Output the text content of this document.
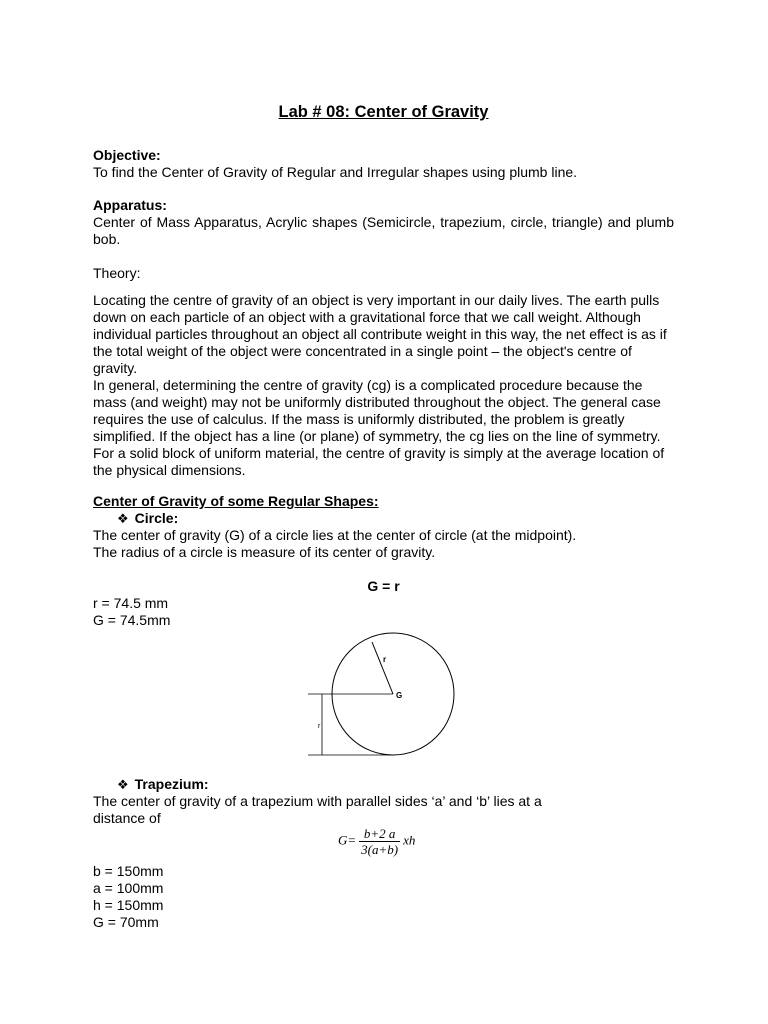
Lab # 08: Center of Gravity
Objective:
To find the Center of Gravity of Regular and Irregular shapes using plumb line.
Apparatus:
Center of Mass Apparatus, Acrylic shapes (Semicircle, trapezium, circle, triangle) and plumb bob.
Theory:
Locating the centre of gravity of an object is very important in our daily lives. The earth pulls down on each particle of an object with a gravitational force that we call weight. Although individual particles throughout an object all contribute weight in this way, the net effect is as if the total weight of the object were concentrated in a single point – the object's centre of gravity.
In general, determining the centre of gravity (cg) is a complicated procedure because the mass (and weight) may not be uniformly distributed throughout the object. The general case requires the use of calculus. If the mass is uniformly distributed, the problem is greatly simplified. If the object has a line (or plane) of symmetry, the cg lies on the line of symmetry. For a solid block of uniform material, the centre of gravity is simply at the average location of the physical dimensions.
Center of Gravity of some Regular Shapes:
❖ Circle:
The center of gravity (G) of a circle lies at the center of circle (at the midpoint).
The radius of a circle is measure of its center of gravity.
G = r
r = 74.5 mm
G = 74.5mm
❖ Trapezium:
The center of gravity of a trapezium with parallel sides ‘a’ and ‘b’ lies at a
distance of
$G= \frac{b+2 a}{3(a+b)}$ xh
b = 150mm
a = 100mm
h = 150mm
G = 70mm
r
G
r
